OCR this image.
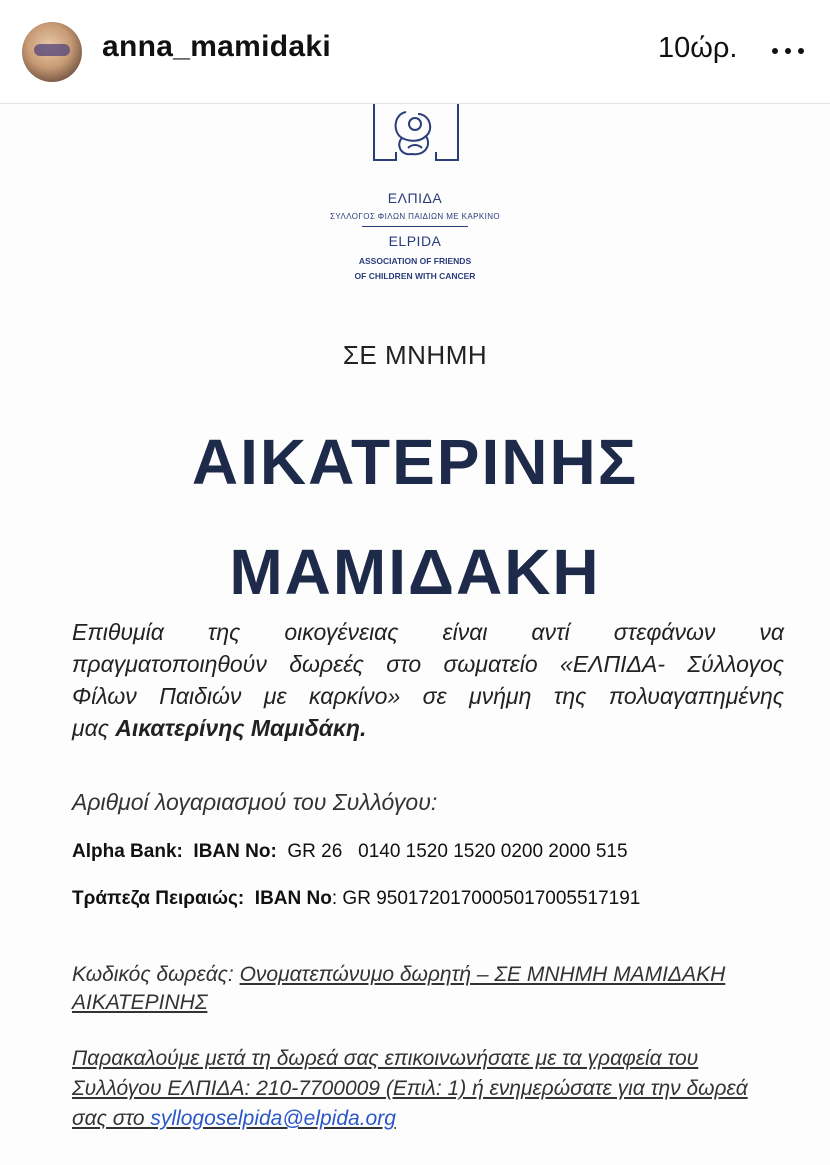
anna_mamidaki	10ώρ.
ΕΛΠΙΔΑ
ΣΥΛΛΟΓΟΣ ΦΙΛΩΝ ΠΑΙΔΙΩΝ ΜΕ ΚΑΡΚΙΝΟ
ELPIDA
ASSOCIATION OF FRIENDS
OF CHILDREN WITH CANCER
ΣΕ ΜΝΗΜΗ
ΑΙΚΑΤΕΡΙΝΗΣ
ΜΑΜΙΔΑΚΗ
Επιθυμία της οικογένειας είναι αντί στεφάνων να
πραγματοποιηθούν δωρεές στο σωματείο «ΕΛΠΙΔΑ- Σύλλογος
Φίλων Παιδιών με καρκίνο» σε μνήμη της πολυαγαπημένης
μας Αικατερίνης Μαμιδάκη.
Αριθμοί λογαριασμού του Συλλόγου:
Alpha Bank: IBAN No: GR 26   0140 1520 1520 0200 2000 515
Τράπεζα Πειραιώς: IBAN No: GR 9501720170005017005517191
Κωδικός δωρεάς: Ονοματεπώνυμο δωρητή – ΣΕ ΜΝΗΜΗ ΜΑΜΙΔΑΚΗ
ΑΙΚΑΤΕΡΙΝΗΣ
Παρακαλούμε μετά τη δωρεά σας επικοινωνήσατε με τα γραφεία του
Συλλόγου ΕΛΠΙΔΑ: 210-7700009 (Επιλ: 1) ή ενημερώσατε για την δωρεά
σας στο syllogoselpida@elpida.org
